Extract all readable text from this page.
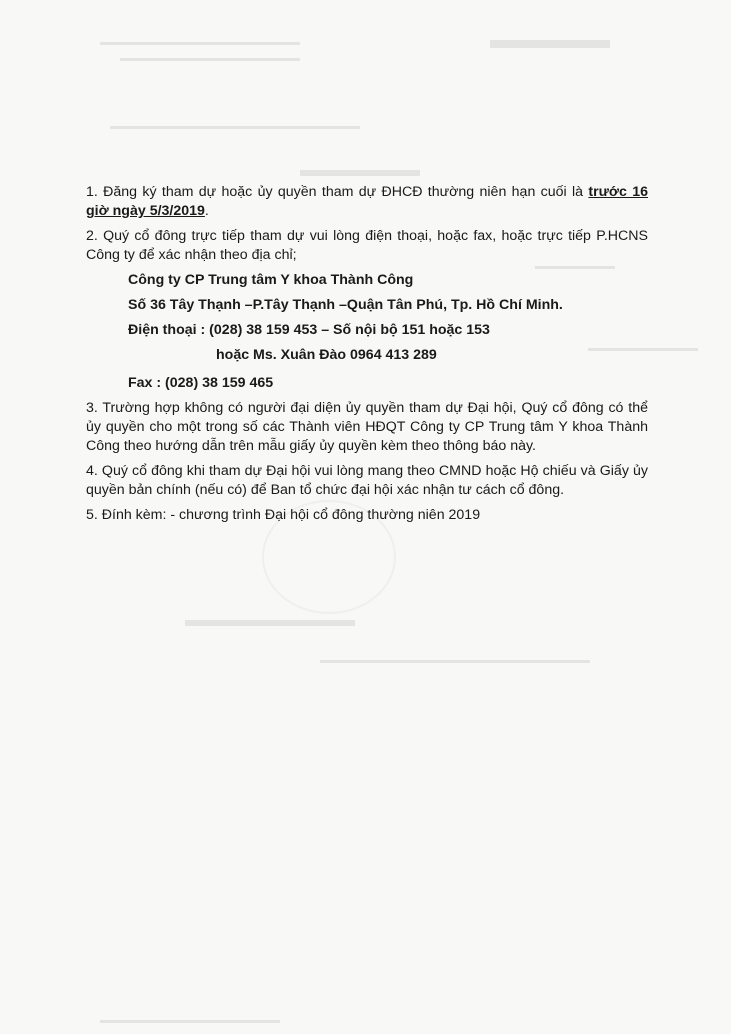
1. Đăng ký tham dự hoặc ủy quyền tham dự ĐHCĐ thường niên hạn cuối là trước 16 giờ ngày 5/3/2019.

2. Quý cổ đông trực tiếp tham dự vui lòng điện thoại, hoặc fax, hoặc trực tiếp P.HCNS Công ty để xác nhận theo địa chỉ;

Công ty CP Trung tâm Y khoa Thành Công
Số 36 Tây Thạnh –P.Tây Thạnh –Quận Tân Phú, Tp. Hồ Chí Minh.
Điện thoại : (028) 38 159 453 – Số nội bộ 151 hoặc 153
hoặc Ms. Xuân Đào 0964 413 289
Fax : (028) 38 159 465

3. Trường hợp không có người đại diện ủy quyền tham dự Đại hội, Quý cổ đông có thể ủy quyền cho một trong số các Thành viên HĐQT Công ty CP Trung tâm Y khoa Thành Công theo hướng dẫn trên mẫu giấy ủy quyền kèm theo thông báo này.

4. Quý cổ đông khi tham dự Đại hội vui lòng mang theo CMND hoặc Hộ chiếu và Giấy ủy quyền bản chính (nếu có) để Ban tổ chức đại hội xác nhận tư cách cổ đông.

5. Đính kèm: - chương trình Đại hội cổ đông thường niên 2019
